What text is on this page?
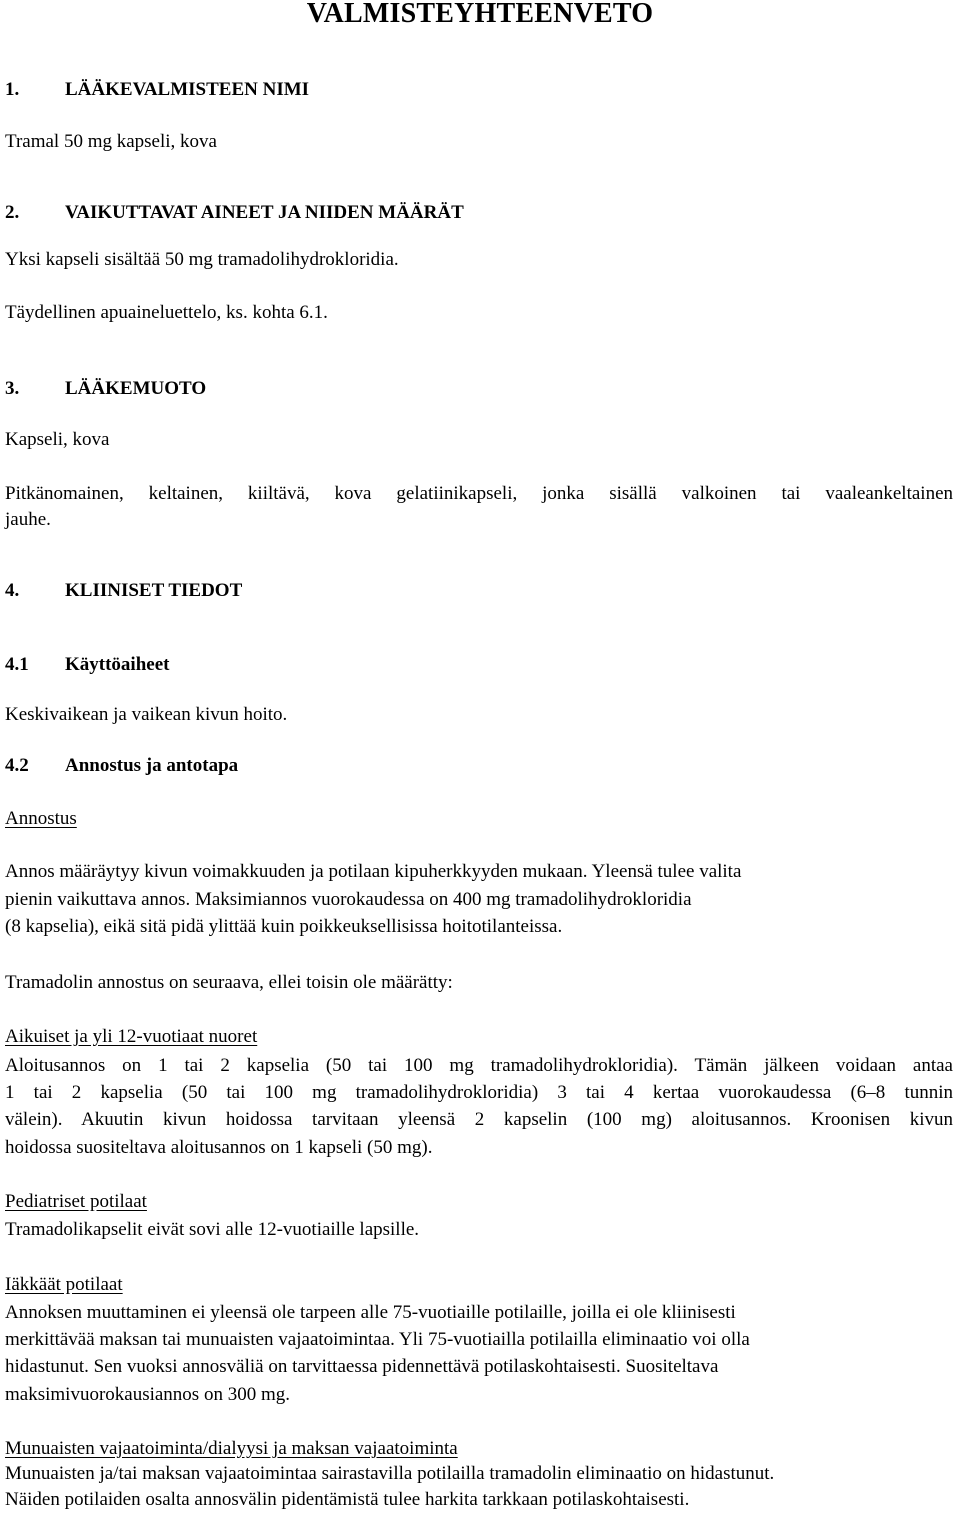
VALMISTEYHTEENVETO
1. LÄÄKEVALMISTEEN NIMI
Tramal 50 mg kapseli, kova
2. VAIKUTTAVAT AINEET JA NIIDEN MÄÄRÄT
Yksi kapseli sisältää 50 mg tramadolihydrokloridia.
Täydellinen apuaineluettelo, ks. kohta 6.1.
3. LÄÄKEMUOTO
Kapseli, kova
Pitkänomainen, keltainen, kiiltävä, kova gelatiinikapseli, jonka sisällä valkoinen tai vaaleankeltainen
jauhe.
4. KLIINISET TIEDOT
4.1 Käyttöaiheet
Keskivaikean ja vaikean kivun hoito.
4.2 Annostus ja antotapa
Annostus
Annos määräytyy kivun voimakkuuden ja potilaan kipuherkkyyden mukaan. Yleensä tulee valita
pienin vaikuttava annos. Maksimiannos vuorokaudessa on 400 mg tramadolihydrokloridia
(8 kapselia), eikä sitä pidä ylittää kuin poikkeuksellisissa hoitotilanteissa.
Tramadolin annostus on seuraava, ellei toisin ole määrätty:
Aikuiset ja yli 12-vuotiaat nuoret
Aloitusannos on 1 tai 2 kapselia (50 tai 100 mg tramadolihydrokloridia). Tämän jälkeen voidaan antaa
1 tai 2 kapselia (50 tai 100 mg tramadolihydrokloridia) 3 tai 4 kertaa vuorokaudessa (6–8 tunnin
välein). Akuutin kivun hoidossa tarvitaan yleensä 2 kapselin (100 mg) aloitusannos. Kroonisen kivun
hoidossa suositeltava aloitusannos on 1 kapseli (50 mg).
Pediatriset potilaat
Tramadolikapselit eivät sovi alle 12-vuotiaille lapsille.
Iäkkäät potilaat
Annoksen muuttaminen ei yleensä ole tarpeen alle 75-vuotiaille potilaille, joilla ei ole kliinisesti
merkittävää maksan tai munuaisten vajaatoimintaa. Yli 75-vuotiailla potilailla eliminaatio voi olla
hidastunut. Sen vuoksi annosväliä on tarvittaessa pidennettävä potilaskohtaisesti. Suositeltava
maksimivuorokausiannos on 300 mg.
Munuaisten vajaatoiminta/dialyysi ja maksan vajaatoiminta
Munuaisten ja/tai maksan vajaatoimintaa sairastavilla potilailla tramadolin eliminaatio on hidastunut.
Näiden potilaiden osalta annosvälin pidentämistä tulee harkita tarkkaan potilaskohtaisesti.
